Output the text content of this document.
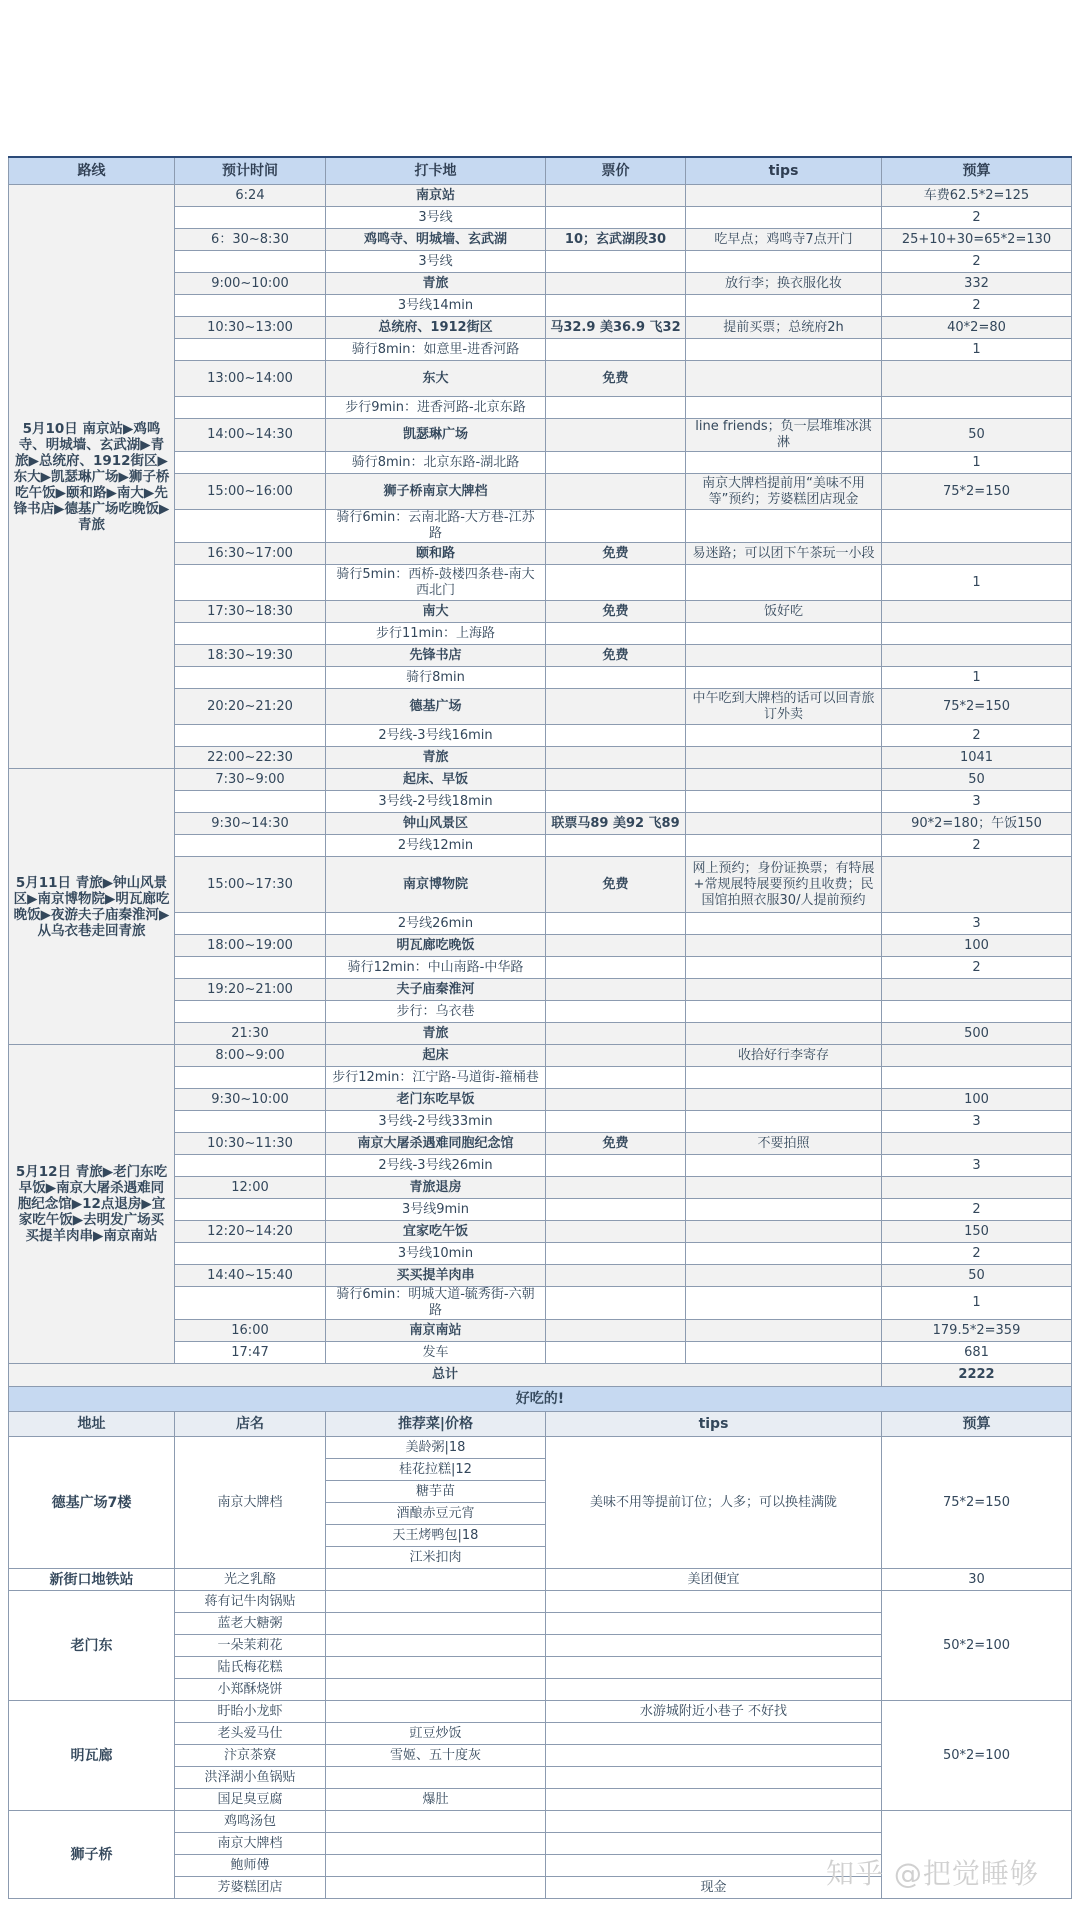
路线	预计时间	打卡地	票价	tips	预算
5月10日 南京站▶鸡鸣寺、明城墙、玄武湖▶青旅▶总统府、1912街区▶东大▶凯瑟琳广场▶狮子桥吃午饭▶颐和路▶南大▶先锋书店▶德基广场吃晚饭▶青旅	6:24	南京站			车费62.5*2=125
		3号线			2
	6：30~8:30	鸡鸣寺、明城墙、玄武湖	10；玄武湖段30	吃早点；鸡鸣寺7点开门	25+10+30=65*2=130
		3号线			2
	9:00~10:00	青旅		放行李；换衣服化妆	332
		3号线14min			2
	10:30~13:00	总统府、1912街区	马32.9 美36.9 飞32	提前买票；总统府2h	40*2=80
		骑行8min：如意里-进香河路			1
	13:00~14:00	东大	免费		
		步行9min：进香河路-北京东路			
	14:00~14:30	凯瑟琳广场		line friends；负一层堆堆冰淇淋	50
		骑行8min：北京东路-湖北路			1
	15:00~16:00	狮子桥南京大牌档		南京大牌档提前用“美味不用等”预约；芳婆糕团店现金	75*2=150
		骑行6min：云南北路-大方巷-江苏路			
	16:30~17:00	颐和路	免费	易迷路；可以团下午茶玩一小段	
		骑行5min：西桥-鼓楼四条巷-南大西北门			1
	17:30~18:30	南大	免费	饭好吃	
		步行11min：上海路			
	18:30~19:30	先锋书店	免费		
		骑行8min			1
	20:20~21:20	德基广场		中午吃到大牌档的话可以回青旅订外卖	75*2=150
		2号线-3号线16min			2
	22:00~22:30	青旅			1041
5月11日 青旅▶钟山风景区▶南京博物院▶明瓦廊吃晚饭▶夜游夫子庙秦淮河▶从乌衣巷走回青旅	7:30~9:00	起床、早饭			50
		3号线-2号线18min			3
	9:30~14:30	钟山风景区	联票马89 美92 飞89		90*2=180；午饭150
		2号线12min			2
	15:00~17:30	南京博物院	免费	网上预约；身份证换票；有特展+常规展特展要预约且收费；民国馆拍照衣服30/人提前预约	
		2号线26min			3
	18:00~19:00	明瓦廊吃晚饭			100
		骑行12min：中山南路-中华路			2
	19:20~21:00	夫子庙秦淮河			
		步行：乌衣巷			
	21:30	青旅			500
5月12日 青旅▶老门东吃早饭▶南京大屠杀遇难同胞纪念馆▶12点退房▶宜家吃午饭▶去明发广场买买提羊肉串▶南京南站	8:00~9:00	起床		收拾好行李寄存	
		步行12min：江宁路-马道街-箍桶巷			
	9:30~10:00	老门东吃早饭			100
		3号线-2号线33min			3
	10:30~11:30	南京大屠杀遇难同胞纪念馆	免费	不要拍照	
		2号线-3号线26min			3
	12:00	青旅退房			
		3号线9min			2
	12:20~14:20	宜家吃午饭			150
		3号线10min			2
	14:40~15:40	买买提羊肉串			50
		骑行6min：明城大道-毓秀街-六朝路			1
	16:00	南京南站			179.5*2=359
	17:47	发车			681
总计					2222
好吃的!					
地址	店名	推荐菜|价格	tips		预算
德基广场7楼	南京大牌档	美龄粥|18	美味不用等提前订位；人多；可以换桂满陇		75*2=150
		桂花拉糕|12			
		糖芋苗			
		酒酿赤豆元宵			
		天王烤鸭包|18			
		江米扣肉			
新街口地铁站	光之乳酪		美团便宜		30
老门东	蒋有记牛肉锅贴				50*2=100
	蓝老大糖粥				
	一朵茉莉花				
	陆氏梅花糕				
	小郑酥烧饼				
明瓦廊	盱眙小龙虾		水游城附近小巷子 不好找		50*2=100
	老头爱马仕	豇豆炒饭			
	汴京茶寮	雪姬、五十度灰			
	洪泽湖小鱼锅贴				
	国足臭豆腐	爆肚			
狮子桥	鸡鸣汤包				
	南京大牌档				
	鲍师傅				
	芳婆糕团店		现金			知乎 @把觉睡够
